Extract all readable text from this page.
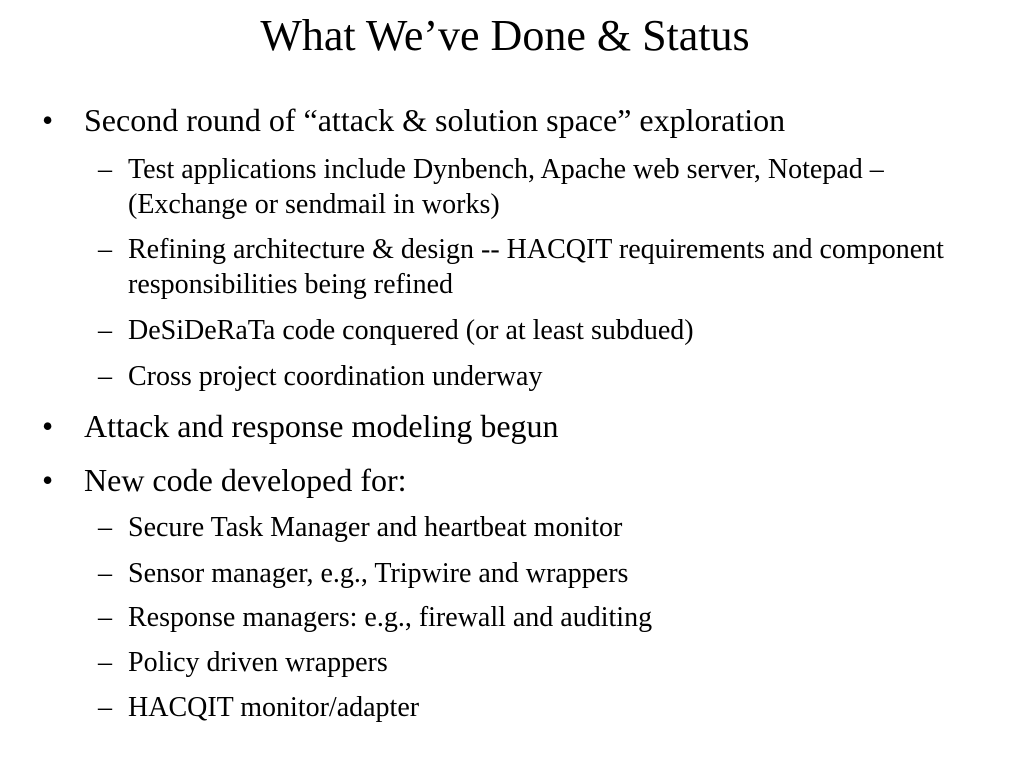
What We’ve Done & Status
• Second round of “attack & solution space” exploration
– Test applications include Dynbench, Apache web server, Notepad – (Exchange or sendmail in works)
– Refining architecture & design -- HACQIT requirements and component responsibilities being refined
– DeSiDeRaTa code conquered (or at least subdued)
– Cross project coordination underway
• Attack and response modeling begun
• New code developed for:
– Secure Task Manager and heartbeat monitor
– Sensor manager, e.g., Tripwire and wrappers
– Response managers: e.g., firewall and auditing
– Policy driven wrappers
– HACQIT monitor/adapter
